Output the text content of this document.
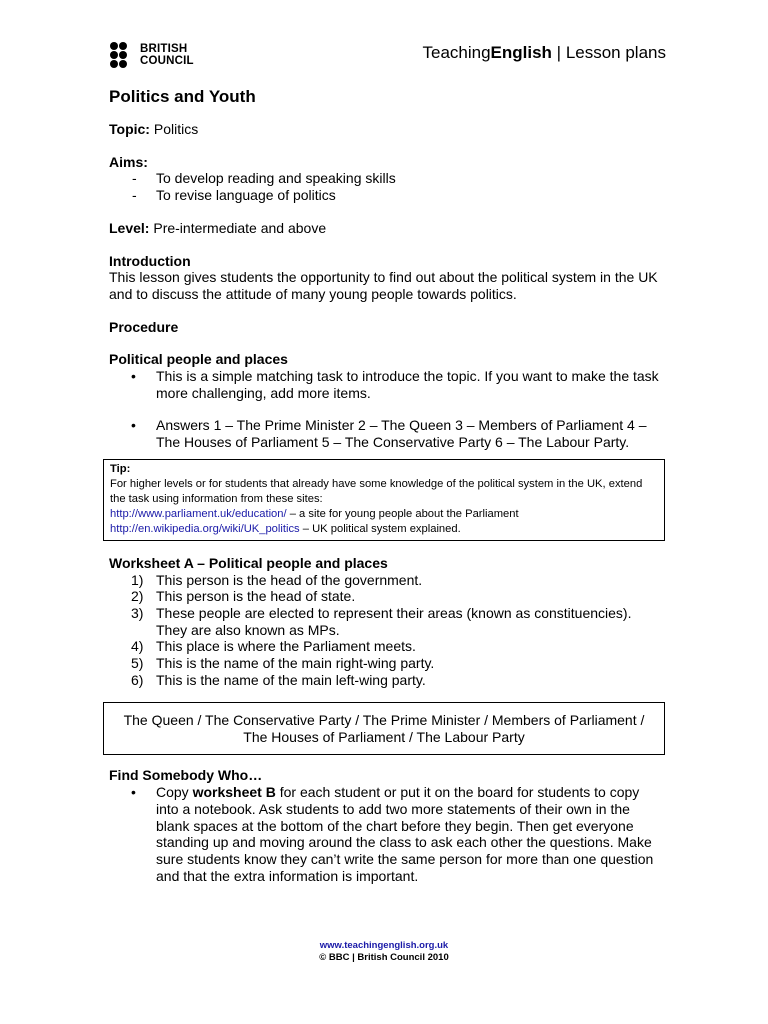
BRITISH
COUNCIL	TeachingEnglish | Lesson plans
Politics and Youth

Topic: Politics

Aims:

- To develop reading and speaking skills
- To revise language of politics

Level: Pre-intermediate and above

Introduction

This lesson gives students the opportunity to find out about the political system in the UK and to discuss the attitude of many young people towards politics.

Procedure

Political people and places

• This is a simple matching task to introduce the topic. If you want to make the task more challenging, add more items.
• Answers 1 – The Prime Minister 2 – The Queen 3 – Members of Parliament 4 – The Houses of Parliament 5 – The Conservative Party 6 – The Labour Party.
Tip:
For higher levels or for students that already have some knowledge of the political system in the UK, extend the task using information from these sites:
http://www.parliament.uk/education/ – a site for young people about the Parliament
http://en.wikipedia.org/wiki/UK_politics – UK political system explained.

Worksheet A – Political people and places

1) This person is the head of the government.
2) This person is the head of state.
3) These people are elected to represent their areas (known as constituencies). They are also known as MPs.
4) This place is where the Parliament meets.
5) This is the name of the main right-wing party.
6) This is the name of the main left-wing party.
The Queen / The Conservative Party / The Prime Minister / Members of Parliament / The Houses of Parliament / The Labour Party

Find Somebody Who…

• Copy worksheet B for each student or put it on the board for students to copy into a notebook. Ask students to add two more statements of their own in the blank spaces at the bottom of the chart before they begin. Then get everyone standing up and moving around the class to ask each other the questions. Make sure students know they can’t write the same person for more than one question and that the extra information is important.
www.teachingenglish.org.uk
© BBC | British Council 2010
